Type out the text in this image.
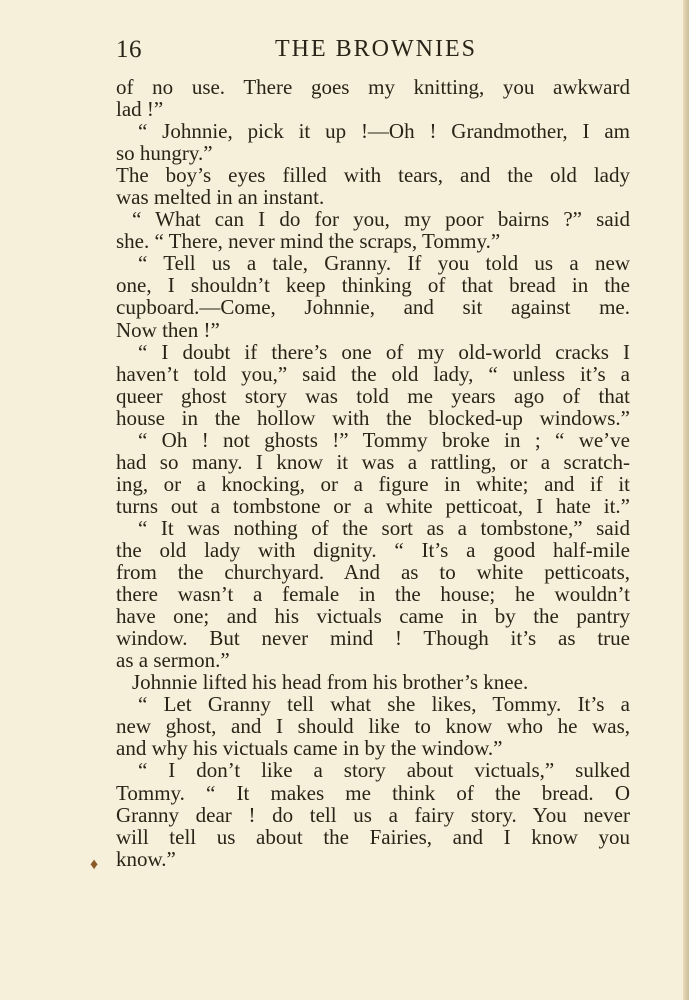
16	THE BROWNIES
of no use. There goes my knitting, you awkward
lad !”
“ Johnnie, pick it up !—Oh ! Grandmother, I am
so hungry.”
The boy’s eyes filled with tears, and the old lady
was melted in an instant.
“ What can I do for you, my poor bairns ?” said
she. “ There, never mind the scraps, Tommy.”
“ Tell us a tale, Granny. If you told us a new
one, I shouldn’t keep thinking of that bread in the
cupboard.—Come, Johnnie, and sit against me.
Now then !”
“ I doubt if there’s one of my old-world cracks I
haven’t told you,” said the old lady, “ unless it’s a
queer ghost story was told me years ago of that
house in the hollow with the blocked-up windows.”
“ Oh ! not ghosts !” Tommy broke in ; “ we’ve
had so many. I know it was a rattling, or a scratch-
ing, or a knocking, or a figure in white; and if it
turns out a tombstone or a white petticoat, I hate it.”
“ It was nothing of the sort as a tombstone,” said
the old lady with dignity. “ It’s a good half-mile
from the churchyard. And as to white petticoats,
there wasn’t a female in the house; he wouldn’t
have one; and his victuals came in by the pantry
window. But never mind ! Though it’s as true
as a sermon.”
Johnnie lifted his head from his brother’s knee.
“ Let Granny tell what she likes, Tommy. It’s a
new ghost, and I should like to know who he was,
and why his victuals came in by the window.”
“ I don’t like a story about victuals,” sulked
Tommy. “ It makes me think of the bread. O
Granny dear ! do tell us a fairy story. You never
will tell us about the Fairies, and I know you
know.”
♦
